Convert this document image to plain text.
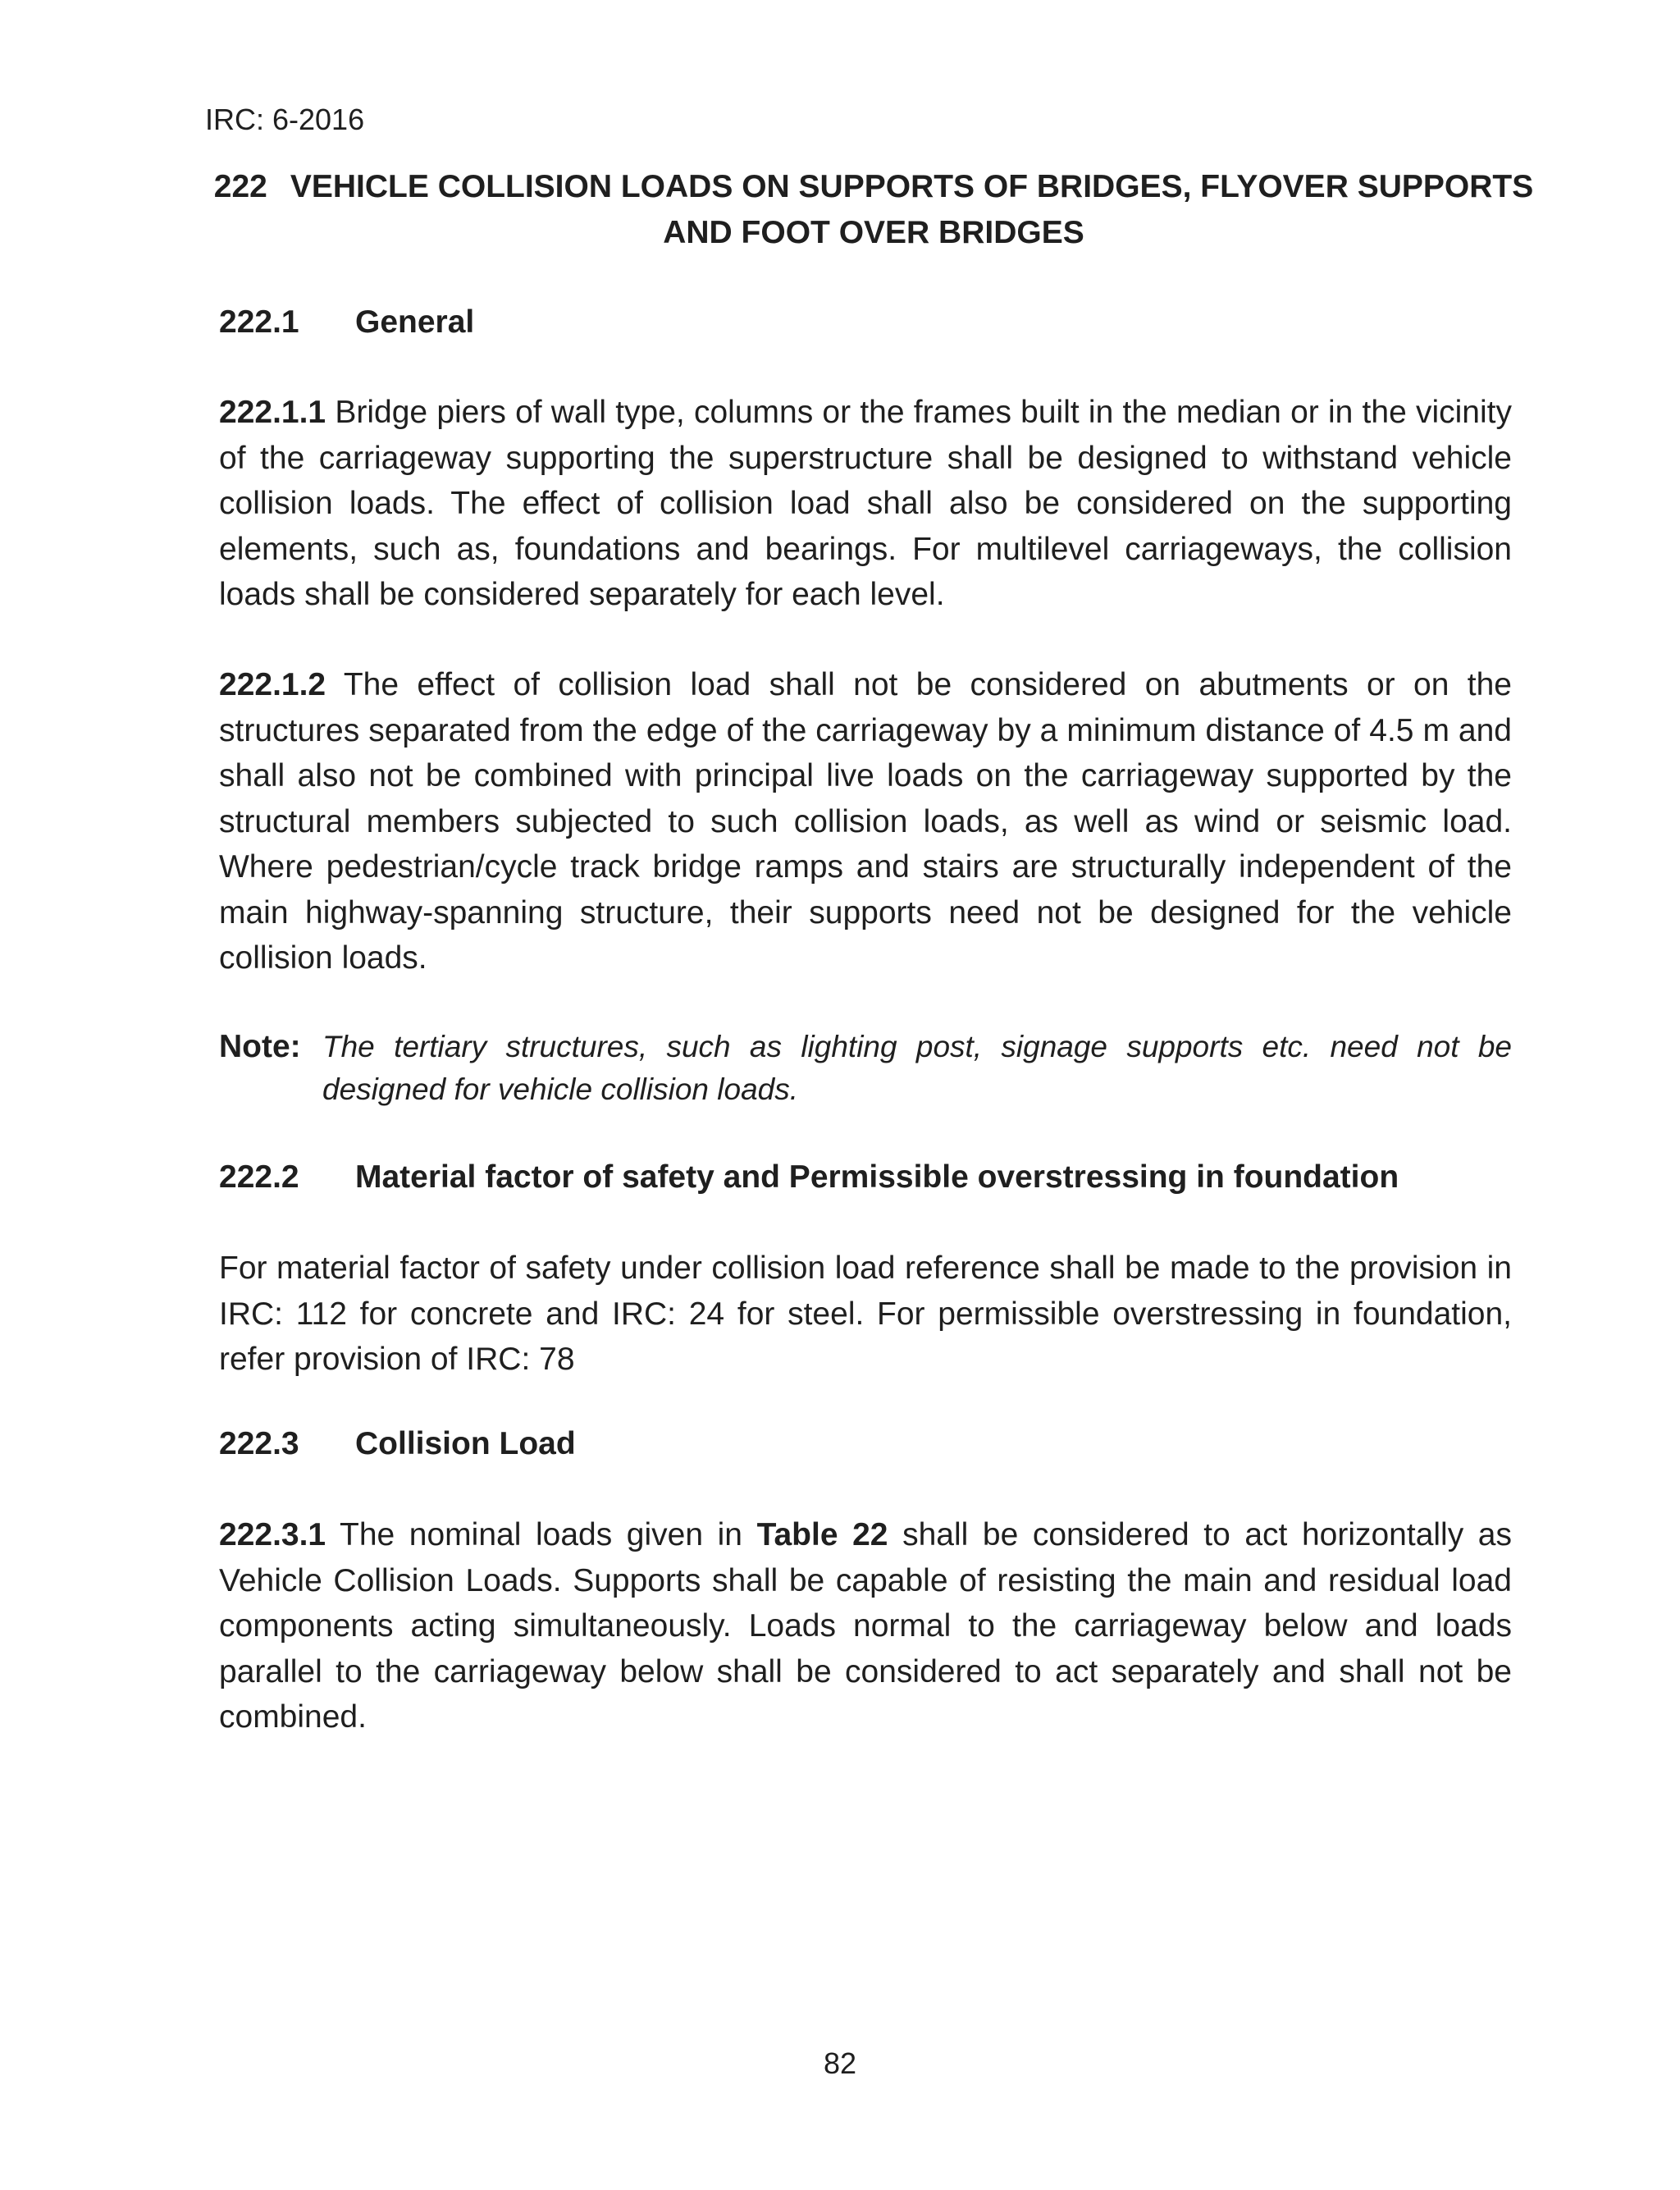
IRC: 6-2016
222 VEHICLE COLLISION LOADS ON SUPPORTS OF BRIDGES, FLYOVER SUPPORTS AND FOOT OVER BRIDGES
222.1 General

222.1.1 Bridge piers of wall type, columns or the frames built in the median or in the vicinity of the carriageway supporting the superstructure shall be designed to withstand vehicle collision loads. The effect of collision load shall also be considered on the supporting elements, such as, foundations and bearings. For multilevel carriageways, the collision loads shall be considered separately for each level.

222.1.2 The effect of collision load shall not be considered on abutments or on the structures separated from the edge of the carriageway by a minimum distance of 4.5 m and shall also not be combined with principal live loads on the carriageway supported by the structural members subjected to such collision loads, as well as wind or seismic load. Where pedestrian/cycle track bridge ramps and stairs are structurally independent of the main highway-spanning structure, their supports need not be designed for the vehicle collision loads.

Note: The tertiary structures, such as lighting post, signage supports etc. need not be designed for vehicle collision loads.
222.2 Material factor of safety and Permissible overstressing in foundation

For material factor of safety under collision load reference shall be made to the provision in IRC: 112 for concrete and IRC: 24 for steel. For permissible overstressing in foundation, refer provision of IRC: 78

222.3 Collision Load

222.3.1 The nominal loads given in Table 22 shall be considered to act horizontally as Vehicle Collision Loads. Supports shall be capable of resisting the main and residual load components acting simultaneously. Loads normal to the carriageway below and loads parallel to the carriageway below shall be considered to act separately and shall not be combined.

82
